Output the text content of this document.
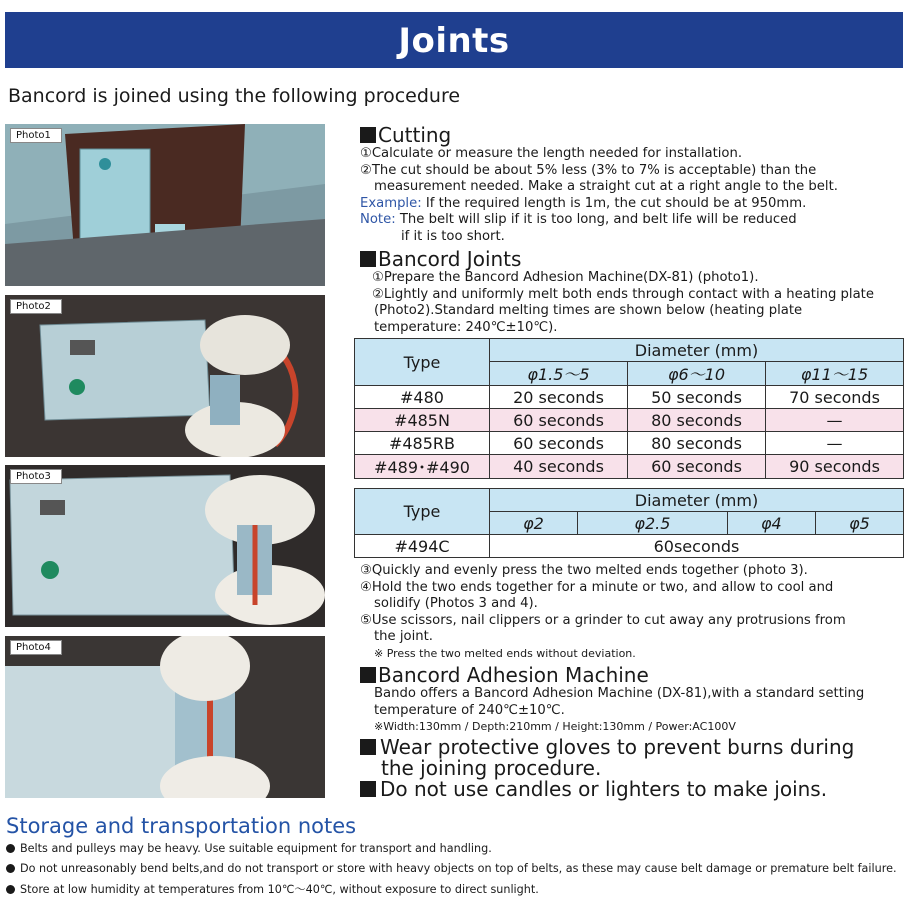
Joints
Bancord is joined using the following procedure
Photo1
Photo2
Photo3
Photo4
Cutting

①Calculate or measure the length needed for installation.

②The cut should be about 5% less (3% to 7% is acceptable) than the

measurement needed. Make a straight cut at a right angle to the belt.

Example: If the required length is 1m, the cut should be at 950mm.

Note: The belt will slip if it is too long, and belt life will be reduced

if it is too short.

Bancord Joints

①Prepare the Bancord Adhesion Machine(DX-81) (photo1).

②Lightly and uniformly melt both ends through contact with a heating plate

(Photo2).Standard melting times are shown below (heating plate

temperature: 240℃±10℃).

Type	Diameter (mm)		
	φ1.5～5	φ6～10	φ11～15
#480	20 seconds	50 seconds	70 seconds
#485N	60 seconds	80 seconds	—
#485RB	60 seconds	80 seconds	—
#489･#490	40 seconds	60 seconds	90 seconds
Type	Diameter (mm)			
	φ2	φ2.5	φ4	φ5
#494C	60seconds			

③Quickly and evenly press the two melted ends together (photo 3).

④Hold the two ends together for a minute or two, and allow to cool and

solidify (Photos 3 and 4).

⑤Use scissors, nail clippers or a grinder to cut away any protrusions from

the joint.

※ Press the two melted ends without deviation.

Bancord Adhesion Machine

Bando offers a Bancord Adhesion Machine (DX-81),with a standard setting

temperature of 240℃±10℃.

※Width:130mm / Depth:210mm / Height:130mm / Power:AC100V

Wear protective gloves to prevent burns during
the joining procedure.
Do not use candles or lighters to make joins.
Storage and transportation notes
Belts and pulleys may be heavy. Use suitable equipment for transport and handling.
Do not unreasonably bend belts,and do not transport or store with heavy objects on top of belts, as these may cause belt damage or premature belt failure.
Store at low humidity at temperatures from 10℃～40℃, without exposure to direct sunlight.
